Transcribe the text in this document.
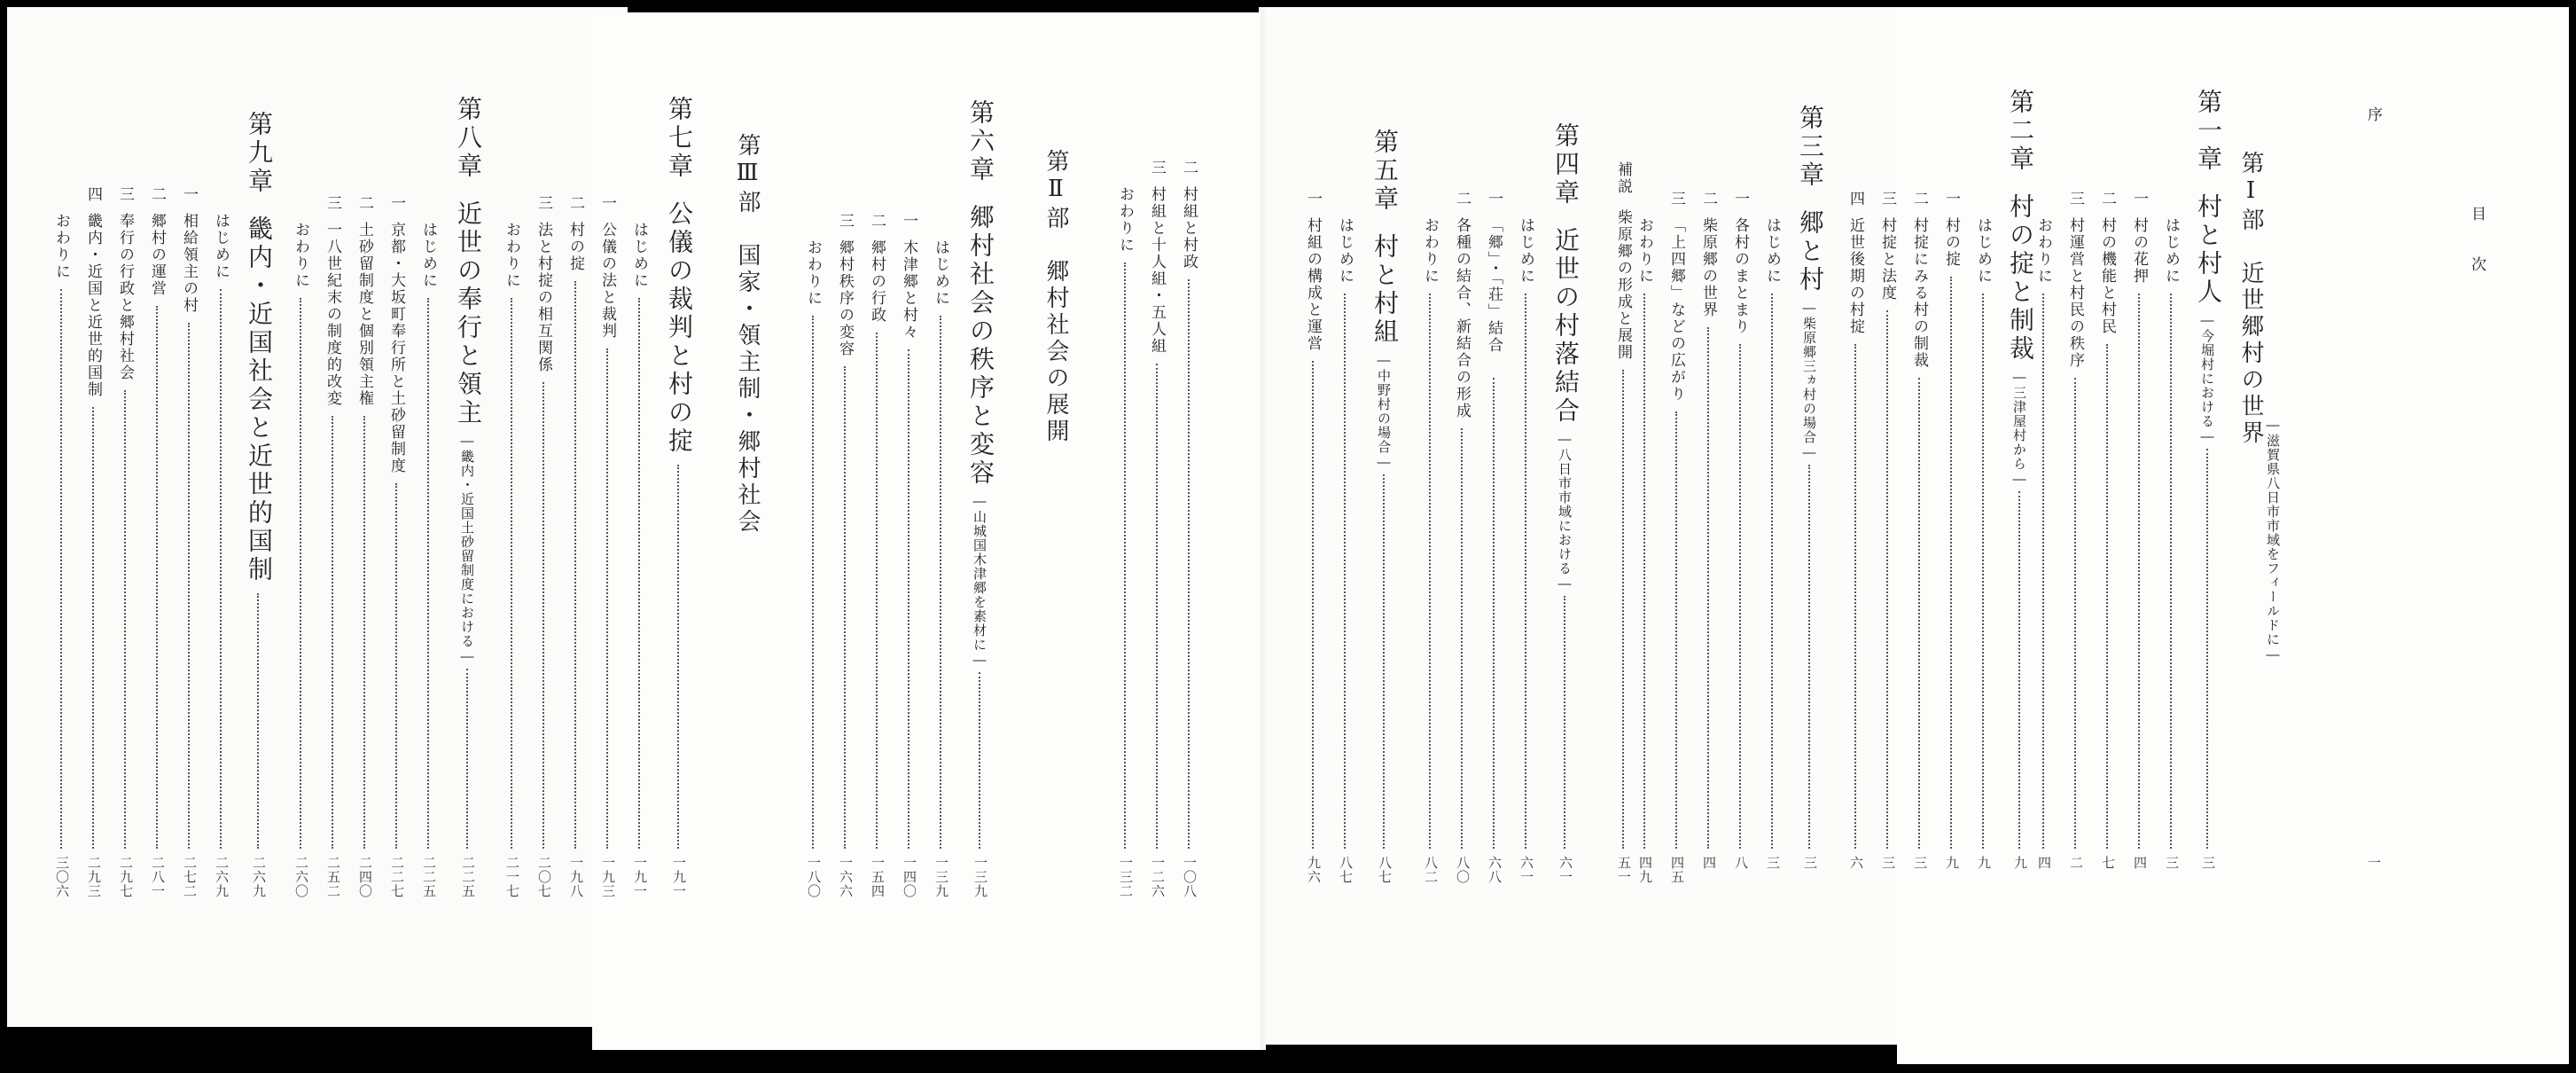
序
一
目　　次
第Ⅰ部　近世郷村の世界
―滋賀県八日市市域をフィールドに―
第一章
村と村人
―今堀村における―
三
はじめに
三
一
村の花押
四
二
村の機能と村民
七
三
村運営と村民の秩序
二
おわりに
四
第二章
村の掟と制裁
―三津屋村から―
九
はじめに
九
一
村の掟
九
二
村掟にみる村の制裁
三
三
村掟と法度
三
四
近世後期の村掟
六
第三章
郷と村
―柴原郷三ヵ村の場合―
三
はじめに
三
一
各村のまとまり
八
二
柴原郷の世界
四
三
「上四郷」などの広がり
四五
おわりに
四九
補説
柴原郷の形成と展開
五一
第四章
近世の村落結合
―八日市市域における―
六一
はじめに
六一
一
「郷」・「荘」結合
六八
二
各種の結合、新結合の形成
八〇
おわりに
八二
第五章
村と村組
―中野村の場合―
八七
はじめに
八七
一
村組の構成と運営
九六
二
村組と村政
一〇八
三
村組と十人組・五人組
一二六
おわりに
一三二
第Ⅱ部　郷村社会の展開
第六章
郷村社会の秩序と変容
―山城国木津郷を素材に―
一三九
はじめに
一三九
一
木津郷と村々
一四〇
二
郷村の行政
一五四
三
郷村秩序の変容
一六六
おわりに
一八〇
第Ⅲ部　国家・領主制・郷村社会
第七章
公儀の裁判と村の掟
一九一
はじめに
一九一
一
公儀の法と裁判
一九三
二
村の掟
一九八
三
法と村掟の相互関係
二〇七
おわりに
二一七
第八章
近世の奉行と領主
―畿内・近国土砂留制度における―
二二五
はじめに
二二五
一
京都・大坂町奉行所と土砂留制度
二二七
二
土砂留制度と個別領主権
二四〇
三
一八世紀末の制度的改変
二五二
おわりに
二六〇
第九章
畿内・近国社会と近世的国制
二六九
はじめに
二六九
一
相給領主の村
二七二
二
郷村の運営
二八一
三
奉行の行政と郷村社会
二九七
四
畿内・近国と近世的国制
二九三
おわりに
三〇六
